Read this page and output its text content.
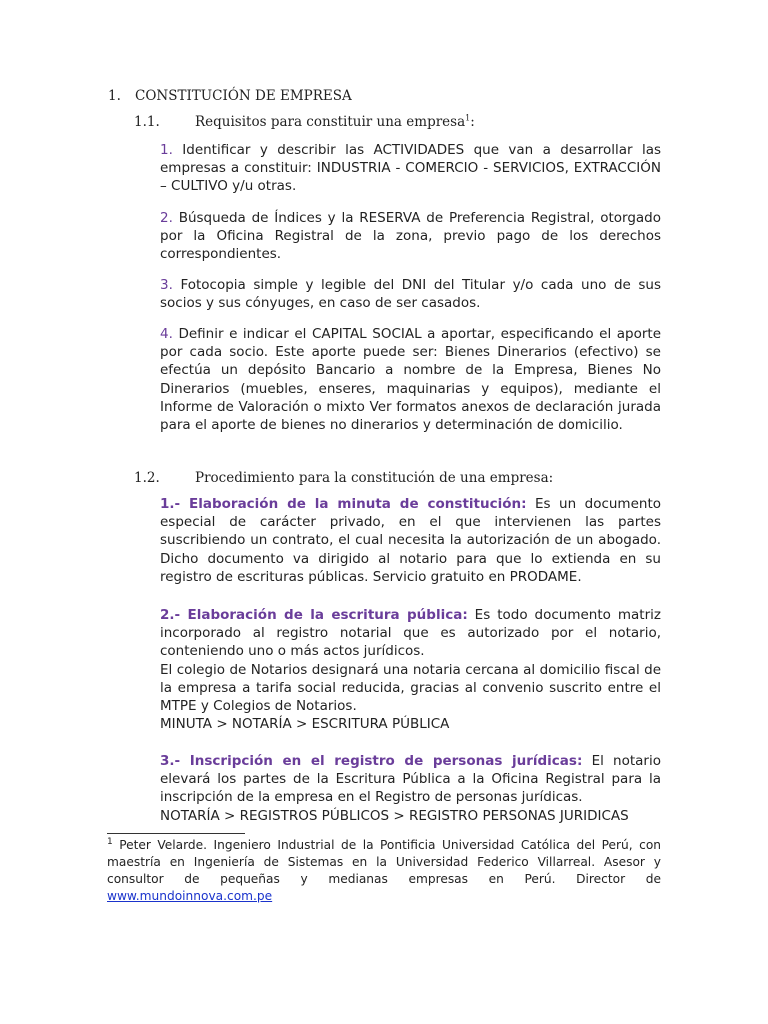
1. CONSTITUCIÓN DE EMPRESA
1.1.	Requisitos para constituir una empresa$^1$:

1. Identificar y describir las ACTIVIDADES que van a desarrollar las empresas a constituir: INDUSTRIA - COMERCIO - SERVICIOS, EXTRACCIÓN – CULTIVO y/u otras.

2. Búsqueda de Índices y la RESERVA de Preferencia Registral, otorgado por la Oficina Registral de la zona, previo pago de los derechos correspondientes.

3. Fotocopia simple y legible del DNI del Titular y/o cada uno de sus socios y sus cónyuges, en caso de ser casados.

4. Definir e indicar el CAPITAL SOCIAL a aportar, especificando el aporte por cada socio. Este aporte puede ser: Bienes Dinerarios (efectivo) se efectúa un depósito Bancario a nombre de la Empresa, Bienes No Dinerarios (muebles, enseres, maquinarias y equipos), mediante el Informe de Valoración o mixto Ver formatos anexos de declaración jurada para el aporte de bienes no dinerarios y determinación de domicilio.

1.2.	Procedimiento para la constitución de una empresa:

1.- Elaboración de la minuta de constitución: Es un documento especial de carácter privado, en el que intervienen las partes suscribiendo un contrato, el cual necesita la autorización de un abogado. Dicho documento va dirigido al notario para que lo extienda en su registro de escrituras públicas. Servicio gratuito en PRODAME.

2.- Elaboración de la escritura pública: Es todo documento matriz incorporado al registro notarial que es autorizado por el notario, conteniendo uno o más actos jurídicos.
El colegio de Notarios designará una notaria cercana al domicilio fiscal de la empresa a tarifa social reducida, gracias al convenio suscrito entre el MTPE y Colegios de Notarios.

MINUTA > NOTARÍA > ESCRITURA PÚBLICA

3.- Inscripción en el registro de personas jurídicas: El notario elevará los partes de la Escritura Pública a la Oficina Registral para la inscripción de la empresa en el Registro de personas jurídicas.

NOTARÍA > REGISTROS PÚBLICOS > REGISTRO PERSONAS JURIDICAS

$^1$ Peter Velarde. Ingeniero Industrial de la Pontificia Universidad Católica del Perú, con maestría en Ingeniería de Sistemas en la Universidad Federico Villarreal. Asesor y consultor de pequeñas y medianas empresas en Perú. Director de www.mundoinnova.com.pe
